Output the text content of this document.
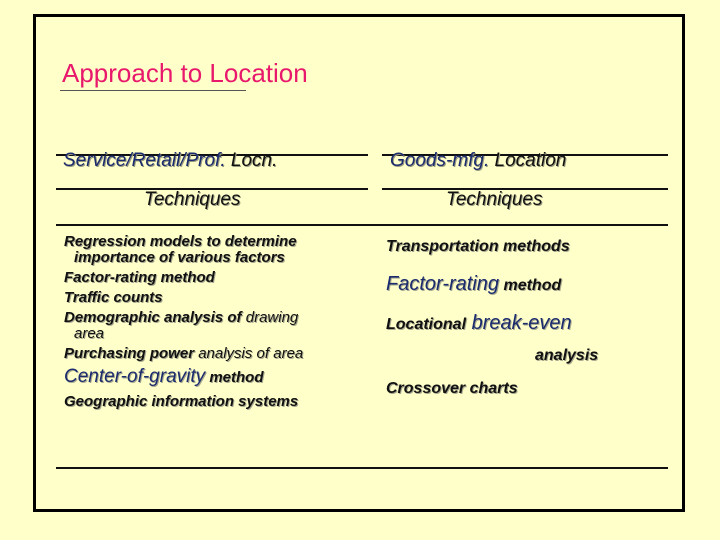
Approach to Location
Service/Retail/Prof. Locn.
Techniques
Goods-mfg. Location
Techniques
Regression models to determine
importance of various factors
Factor-rating method
Traffic counts
Demographic analysis of drawing
area
Purchasing power analysis of area
Center-of-gravity method
Geographic information systems
Transportation methods
Factor-rating method
Locational break-even
analysis
Crossover charts
